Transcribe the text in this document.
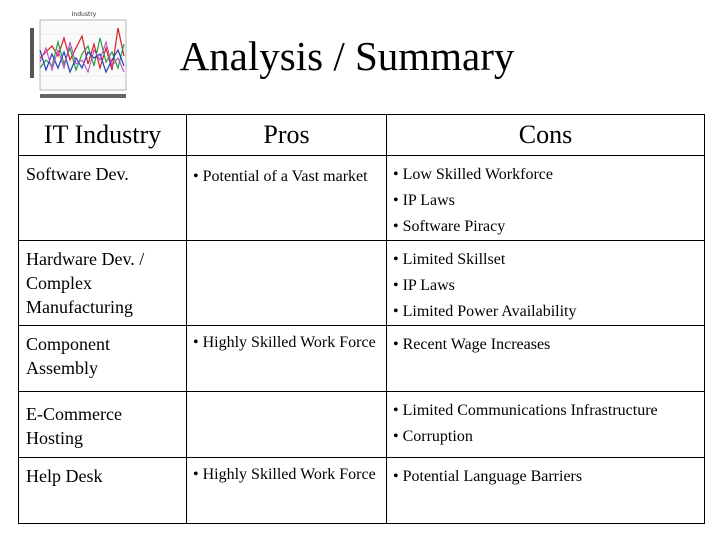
Industry
Analysis / Summary
IT Industry	Pros	Cons
Software Dev.	• Potential of a Vast market	• Low Skilled Workforce
• IP Laws
• Software Piracy

Hardware Dev. / Complex Manufacturing		• Limited Skillset
• IP Laws
• Limited Power Availability

Component Assembly	• Highly Skilled Work Force	• Recent Wage Increases

E-Commerce Hosting		• Limited Communications Infrastructure
• Corruption

Help Desk	• Highly Skilled Work Force	• Potential Language Barriers
